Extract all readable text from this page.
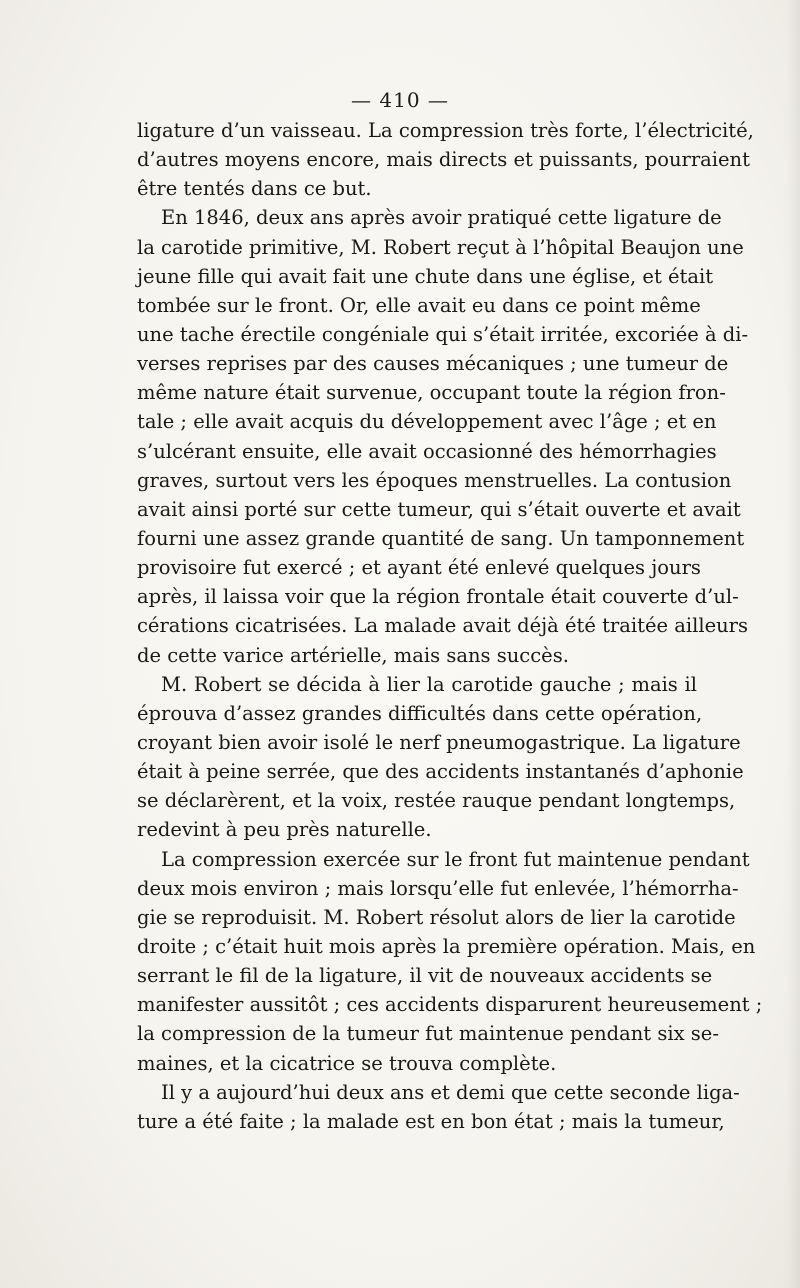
— 410 —
ligature d’un vaisseau. La compression très forte, l’électricité,
d’autres moyens encore, mais directs et puissants, pourraient
être tentés dans ce but.
En 1846, deux ans après avoir pratiqué cette ligature de
la carotide primitive, M. Robert reçut à l’hôpital Beaujon une
jeune fille qui avait fait une chute dans une église, et était
tombée sur le front. Or, elle avait eu dans ce point même
une tache érectile congéniale qui s’était irritée, excoriée à di-
verses reprises par des causes mécaniques ; une tumeur de
même nature était survenue, occupant toute la région fron-
tale ; elle avait acquis du développement avec l’âge ; et en
s’ulcérant ensuite, elle avait occasionné des hémorrhagies
graves, surtout vers les époques menstruelles. La contusion
avait ainsi porté sur cette tumeur, qui s’était ouverte et avait
fourni une assez grande quantité de sang. Un tamponnement
provisoire fut exercé ; et ayant été enlevé quelques jours
après, il laissa voir que la région frontale était couverte d’ul-
cérations cicatrisées. La malade avait déjà été traitée ailleurs
de cette varice artérielle, mais sans succès.
M. Robert se décida à lier la carotide gauche ; mais il
éprouva d’assez grandes difficultés dans cette opération,
croyant bien avoir isolé le nerf pneumogastrique. La ligature
était à peine serrée, que des accidents instantanés d’aphonie
se déclarèrent, et la voix, restée rauque pendant longtemps,
redevint à peu près naturelle.
La compression exercée sur le front fut maintenue pendant
deux mois environ ; mais lorsqu’elle fut enlevée, l’hémorrha-
gie se reproduisit. M. Robert résolut alors de lier la carotide
droite ; c’était huit mois après la première opération. Mais, en
serrant le fil de la ligature, il vit de nouveaux accidents se
manifester aussitôt ; ces accidents disparurent heureusement ;
la compression de la tumeur fut maintenue pendant six se-
maines, et la cicatrice se trouva complète.
Il y a aujourd’hui deux ans et demi que cette seconde liga-
ture a été faite ; la malade est en bon état ; mais la tumeur,
